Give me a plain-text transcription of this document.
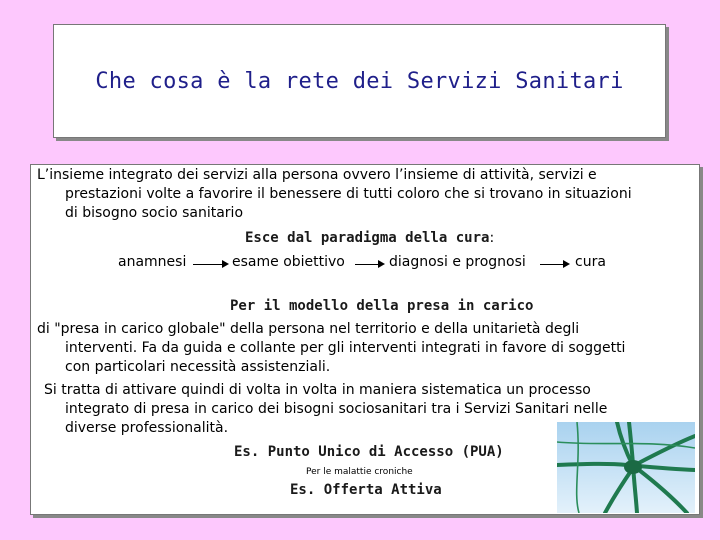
Che cosa è la rete dei Servizi Sanitari
L’insieme integrato dei servizi alla persona ovvero l’insieme di attività, servizi e
prestazioni volte a favorire il benessere di tutti coloro che si trovano in situazioni
di bisogno socio sanitario
Esce dal paradigma della cura:
anamnesi	esame obiettivo	diagnosi e prognosi	cura
Per il modello della presa in carico
di "presa in carico globale" della persona nel territorio e della unitarietà degli
interventi. Fa da guida e collante per gli interventi integrati in favore di soggetti
con particolari necessità assistenziali.
Si tratta di attivare quindi di volta in volta in maniera sistematica un processo
integrato di presa in carico dei bisogni sociosanitari tra i Servizi Sanitari nelle
diverse professionalità.
Es. Punto Unico di Accesso (PUA)
Per le malattie croniche
Es. Offerta Attiva
